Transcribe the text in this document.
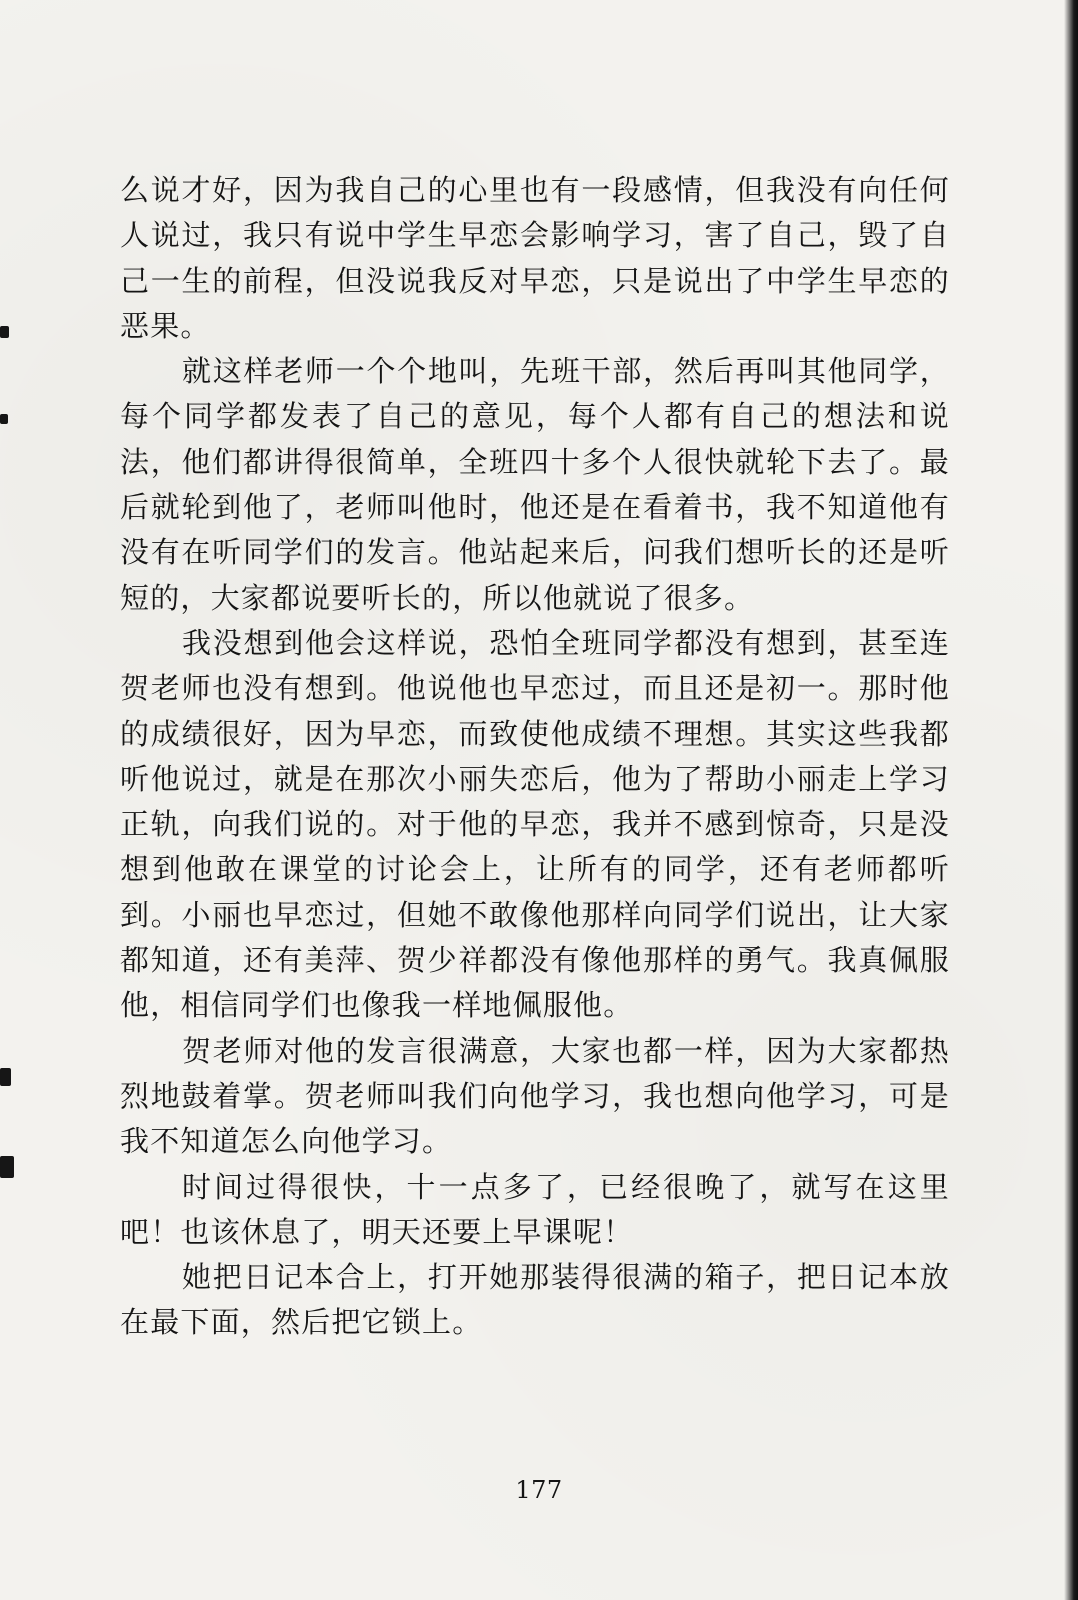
么说才好，因为我自己的心里也有一段感情，但我没有向任何人说过，我只有说中学生早恋会影响学习，害了自己，毁了自己一生的前程，但没说我反对早恋，只是说出了中学生早恋的恶果。

就这样老师一个个地叫，先班干部，然后再叫其他同学，每个同学都发表了自己的意见，每个人都有自己的想法和说法，他们都讲得很简单，全班四十多个人很快就轮下去了。最后就轮到他了，老师叫他时，他还是在看着书，我不知道他有没有在听同学们的发言。他站起来后，问我们想听长的还是听短的，大家都说要听长的，所以他就说了很多。

我没想到他会这样说，恐怕全班同学都没有想到，甚至连贺老师也没有想到。他说他也早恋过，而且还是初一。那时他的成绩很好，因为早恋，而致使他成绩不理想。其实这些我都听他说过，就是在那次小丽失恋后，他为了帮助小丽走上学习正轨，向我们说的。对于他的早恋，我并不感到惊奇，只是没想到他敢在课堂的讨论会上，让所有的同学，还有老师都听到。小丽也早恋过，但她不敢像他那样向同学们说出，让大家都知道，还有美萍、贺少祥都没有像他那样的勇气。我真佩服他，相信同学们也像我一样地佩服他。

贺老师对他的发言很满意，大家也都一样，因为大家都热烈地鼓着掌。贺老师叫我们向他学习，我也想向他学习，可是我不知道怎么向他学习。

时间过得很快，十一点多了，已经很晚了，就写在这里吧！也该休息了，明天还要上早课呢！

她把日记本合上，打开她那装得很满的箱子，把日记本放在最下面，然后把它锁上。

177
